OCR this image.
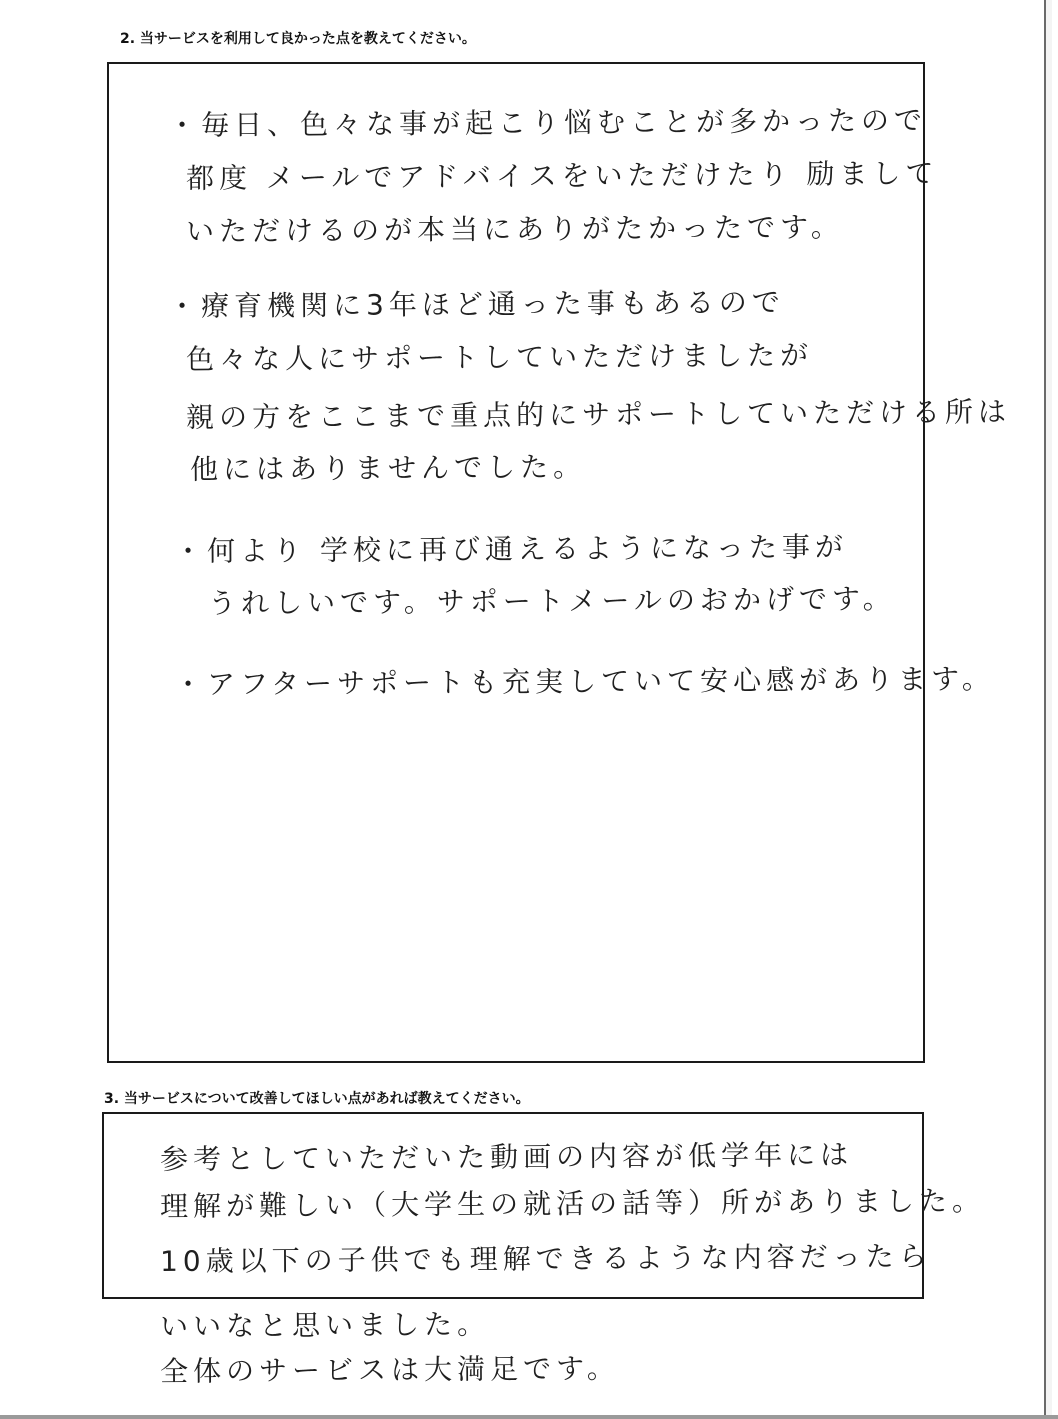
2. 当サービスを利用して良かった点を教えてください。
・毎日、色々な事が起こり悩むことが多かったので
都度 メールでアドバイスをいただけたり 励まして
いただけるのが本当にありがたかったです。
・療育機関に3年ほど通った事もあるので
色々な人にサポートしていただけましたが
親の方をここまで重点的にサポートしていただける所は
他にはありませんでした。
・何より 学校に再び通えるようになった事が
うれしいです。サポートメールのおかげです。
・アフターサポートも充実していて安心感があります。
3. 当サービスについて改善してほしい点があれば教えてください。
参考としていただいた動画の内容が低学年には
理解が難しい（大学生の就活の話等）所がありました。
10歳以下の子供でも理解できるような内容だったら
いいなと思いました。
全体のサービスは大満足です。
